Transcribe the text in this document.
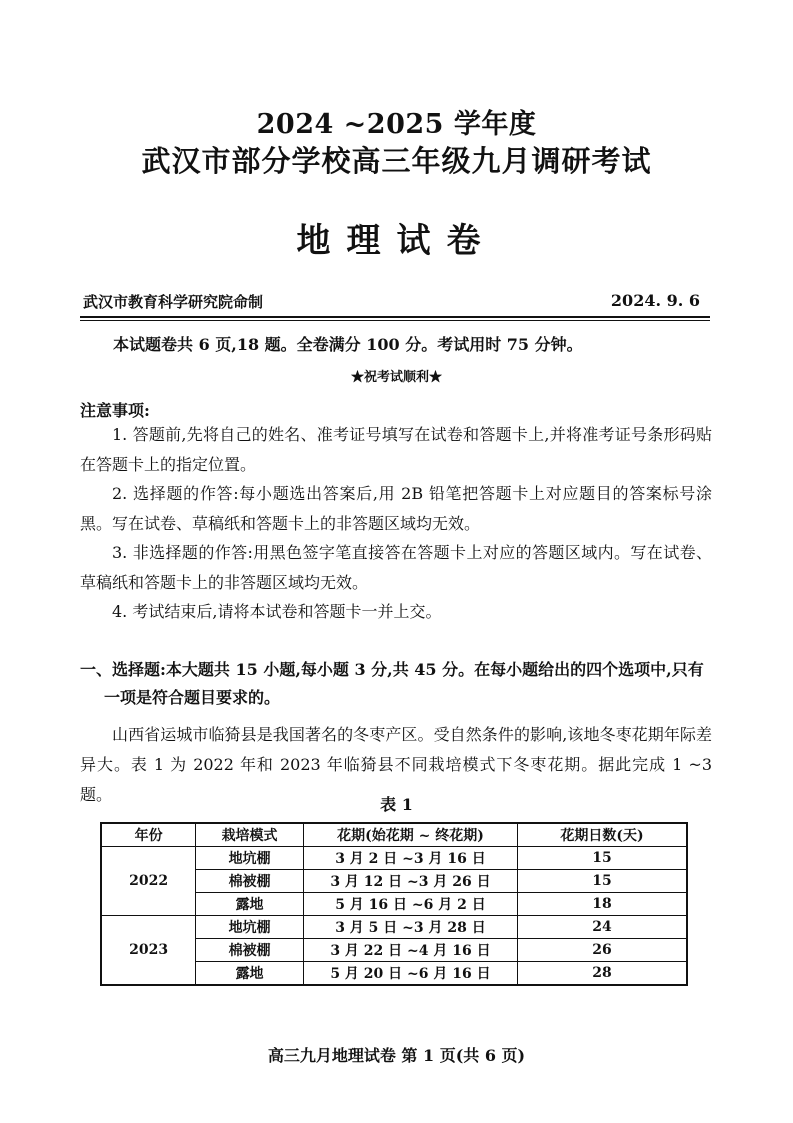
2024 ~2025 学年度
武汉市部分学校高三年级九月调研考试
地理试卷
武汉市教育科学研究院命制	2024. 9. 6
本试题卷共 6 页,18 题。全卷满分 100 分。考试用时 75 分钟。
★祝考试顺利★
注意事项:
1. 答题前,先将自己的姓名、准考证号填写在试卷和答题卡上,并将准考证号条形码贴在答题卡上的指定位置。
2. 选择题的作答:每小题选出答案后,用 2B 铅笔把答题卡上对应题目的答案标号涂黑。写在试卷、草稿纸和答题卡上的非答题区域均无效。
3. 非选择题的作答:用黑色签字笔直接答在答题卡上对应的答题区域内。写在试卷、草稿纸和答题卡上的非答题区域均无效。
4. 考试结束后,请将本试卷和答题卡一并上交。
一、选择题:本大题共 15 小题,每小题 3 分,共 45 分。在每小题给出的四个选项中,只有
一项是符合题目要求的。
山西省运城市临猗县是我国著名的冬枣产区。受自然条件的影响,该地冬枣花期年际差异大。表 1 为 2022 年和 2023 年临猗县不同栽培模式下冬枣花期。据此完成 1 ~3 题。
表 1
年份	栽培模式	花期(始花期 ~ 终花期)	花期日数(天)
2022	地坑棚	3 月 2 日 ~3 月 16 日	15
	棉被棚	3 月 12 日 ~3 月 26 日	15
	露地	5 月 16 日 ~6 月 2 日	18
2023	地坑棚	3 月 5 日 ~3 月 28 日	24
	棉被棚	3 月 22 日 ~4 月 16 日	26
	露地	5 月 20 日 ~6 月 16 日	28
高三九月地理试卷 第 1 页(共 6 页)
